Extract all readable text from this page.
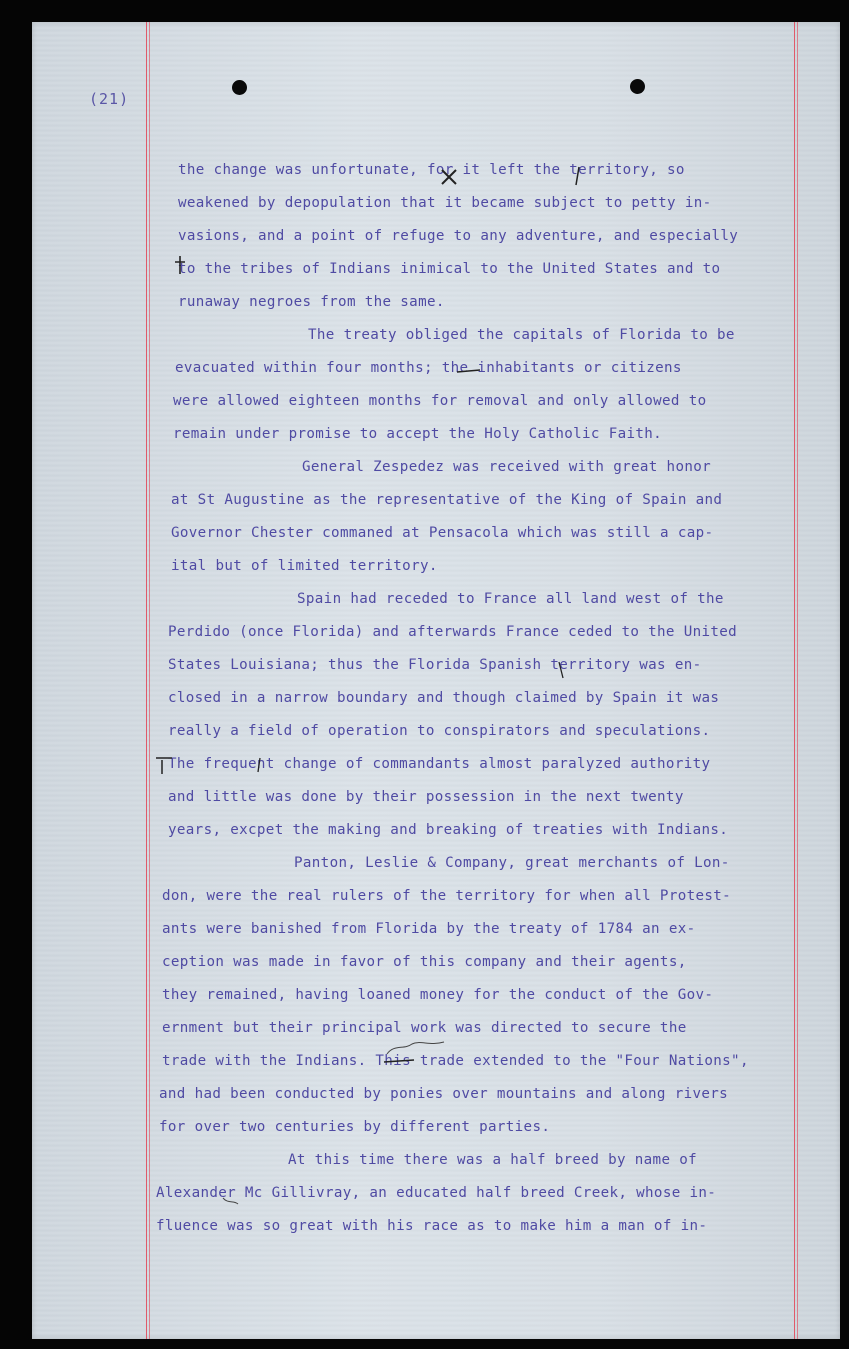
(21)
the change was unfortunate, for it left the territory, so
weakened by depopulation that it became subject to petty in-
vasions, and a point of refuge to any adventure, and especially
to the tribes of Indians inimical to the United States and to
runaway negroes from the same.
The treaty obliged the capitals of Florida to be
evacuated within four months; the inhabitants or citizens
were allowed eighteen months for removal and only allowed to
remain under promise to accept the Holy Catholic Faith.
General Zespedez was received with great honor
at St Augustine as the representative of the King of Spain and
Governor Chester commaned at Pensacola which was still a cap-
ital but of limited territory.
Spain had receded to France all land west of the
Perdido (once Florida) and afterwards France ceded to the United
States Louisiana; thus the Florida Spanish territory was en-
closed in a narrow boundary and though claimed by Spain it was
really a field of operation to conspirators and speculations.
The frequent change of commandants almost paralyzed authority
and little was done by their possession in the next twenty
years, excpet the making and breaking of treaties with Indians.
Panton, Leslie & Company, great merchants of Lon-
don, were the real rulers of the territory for when all Protest-
ants were banished from Florida by the treaty of 1784 an ex-
ception was made in favor of this company and their agents,
they remained, having loaned money for the conduct of the Gov-
ernment but their principal work was directed to secure the
trade with the Indians. This trade extended to the "Four Nations",
and had been conducted by ponies over mountains and along rivers
for over two centuries by different parties.
At this time there was a half breed by name of
Alexander Mc Gillivray, an educated half breed Creek, whose in-
fluence was so great with his race as to make him a man of in-
